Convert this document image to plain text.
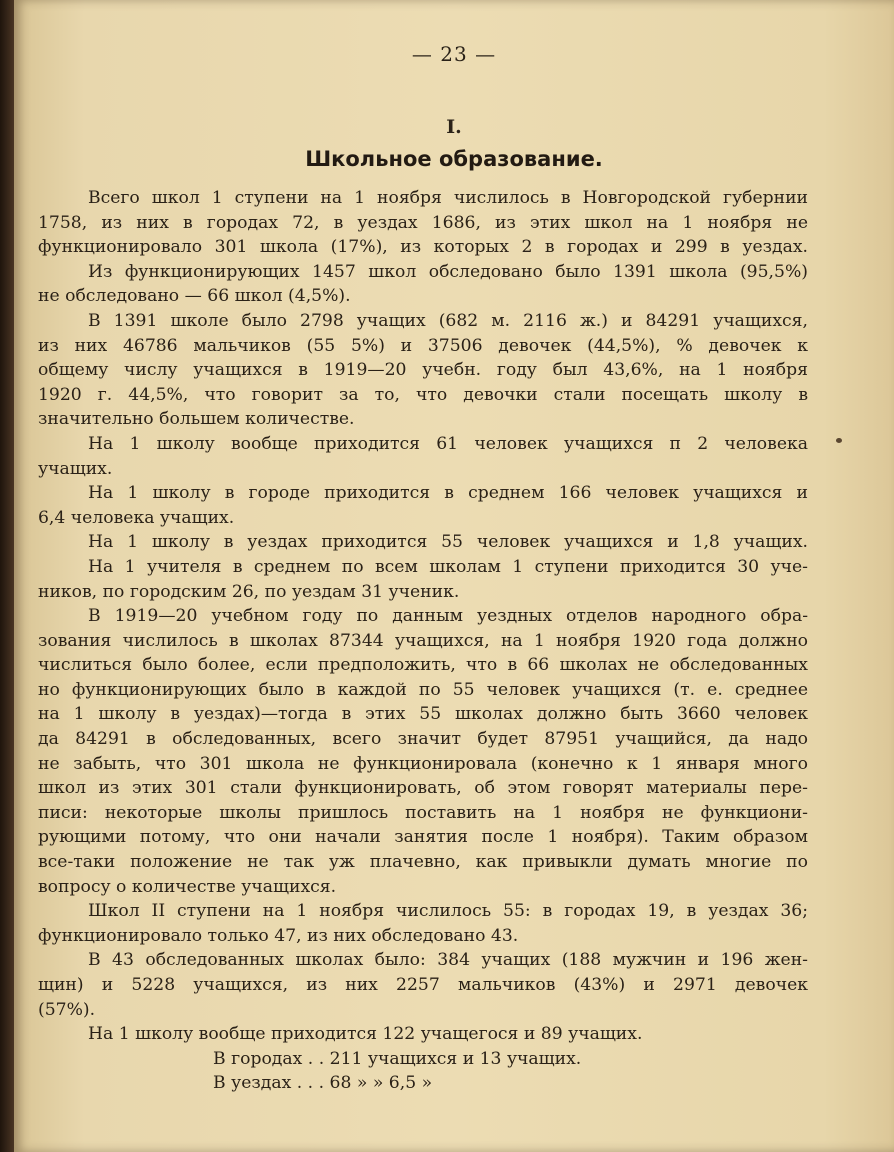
— 23 —
I.
Школьное образование.
Всего школ 1 ступени на 1 ноября числилось в Новгородской губернии
1758, из них в городах 72, в уездах 1686, из этих школ на 1 ноября не
функционировало 301 школа (17%), из которых 2 в городах и 299 в уездах.
Из функционирующих 1457 школ обследовано было 1391 школа (95,5%)
не обследовано — 66 школ (4,5%).
В 1391 школе было 2798 учащих (682 м. 2116 ж.) и 84291 учащихся,
из них 46786 мальчиков (55 5%) и 37506 девочек (44,5%), % девочек к
общему числу учащихся в 1919—20 учебн. году был 43,6%, на 1 ноября
1920 г. 44,5%, что говорит за то, что девочки стали посещать школу в
значительно большем количестве.
На 1 школу вообще приходится 61 человек учащихся п 2 человека
учащих.
На 1 школу в городе приходится в среднем 166 человек учащихся и
6,4 человека учащих.
На 1 школу в уездах приходится 55 человек учащихся и 1,8 учащих.
На 1 учителя в среднем по всем школам 1 ступени приходится 30 уче-
ников, по городским 26, по уездам 31 ученик.
В 1919—20 учебном году по данным уездных отделов народного обра-
зования числилось в школах 87344 учащихся, на 1 ноября 1920 года должно
числиться было более, если предположить, что в 66 школах не обследованных
но функционирующих было в каждой по 55 человек учащихся (т. е. среднее
на 1 школу в уездах)—тогда в этих 55 школах должно быть 3660 человек
да 84291 в обследованных, всего значит будет 87951 учащийся, да надо
не забыть, что 301 школа не функционировала (конечно к 1 января много
школ из этих 301 стали функционировать, об этом говорят материалы пере-
писи: некоторые школы пришлось поставить на 1 ноября не функциони-
рующими потому, что они начали занятия после 1 ноября). Таким образом
все-таки положение не так уж плачевно, как привыкли думать многие по
вопросу о количестве учащихся.
Школ II ступени на 1 ноября числилось 55: в городах 19, в уездах 36;
функционировало только 47, из них обследовано 43.
В 43 обследованных школах было: 384 учащих (188 мужчин и 196 жен-
щин) и 5228 учащихся, из них 2257 мальчиков (43%) и 2971 девочек
(57%).
На 1 школу вообще приходится 122 учащегося и 89 учащих.
В городах . . 211 учащихся и 13 учащих.
В уездах . . . 68 » » 6,5 »
